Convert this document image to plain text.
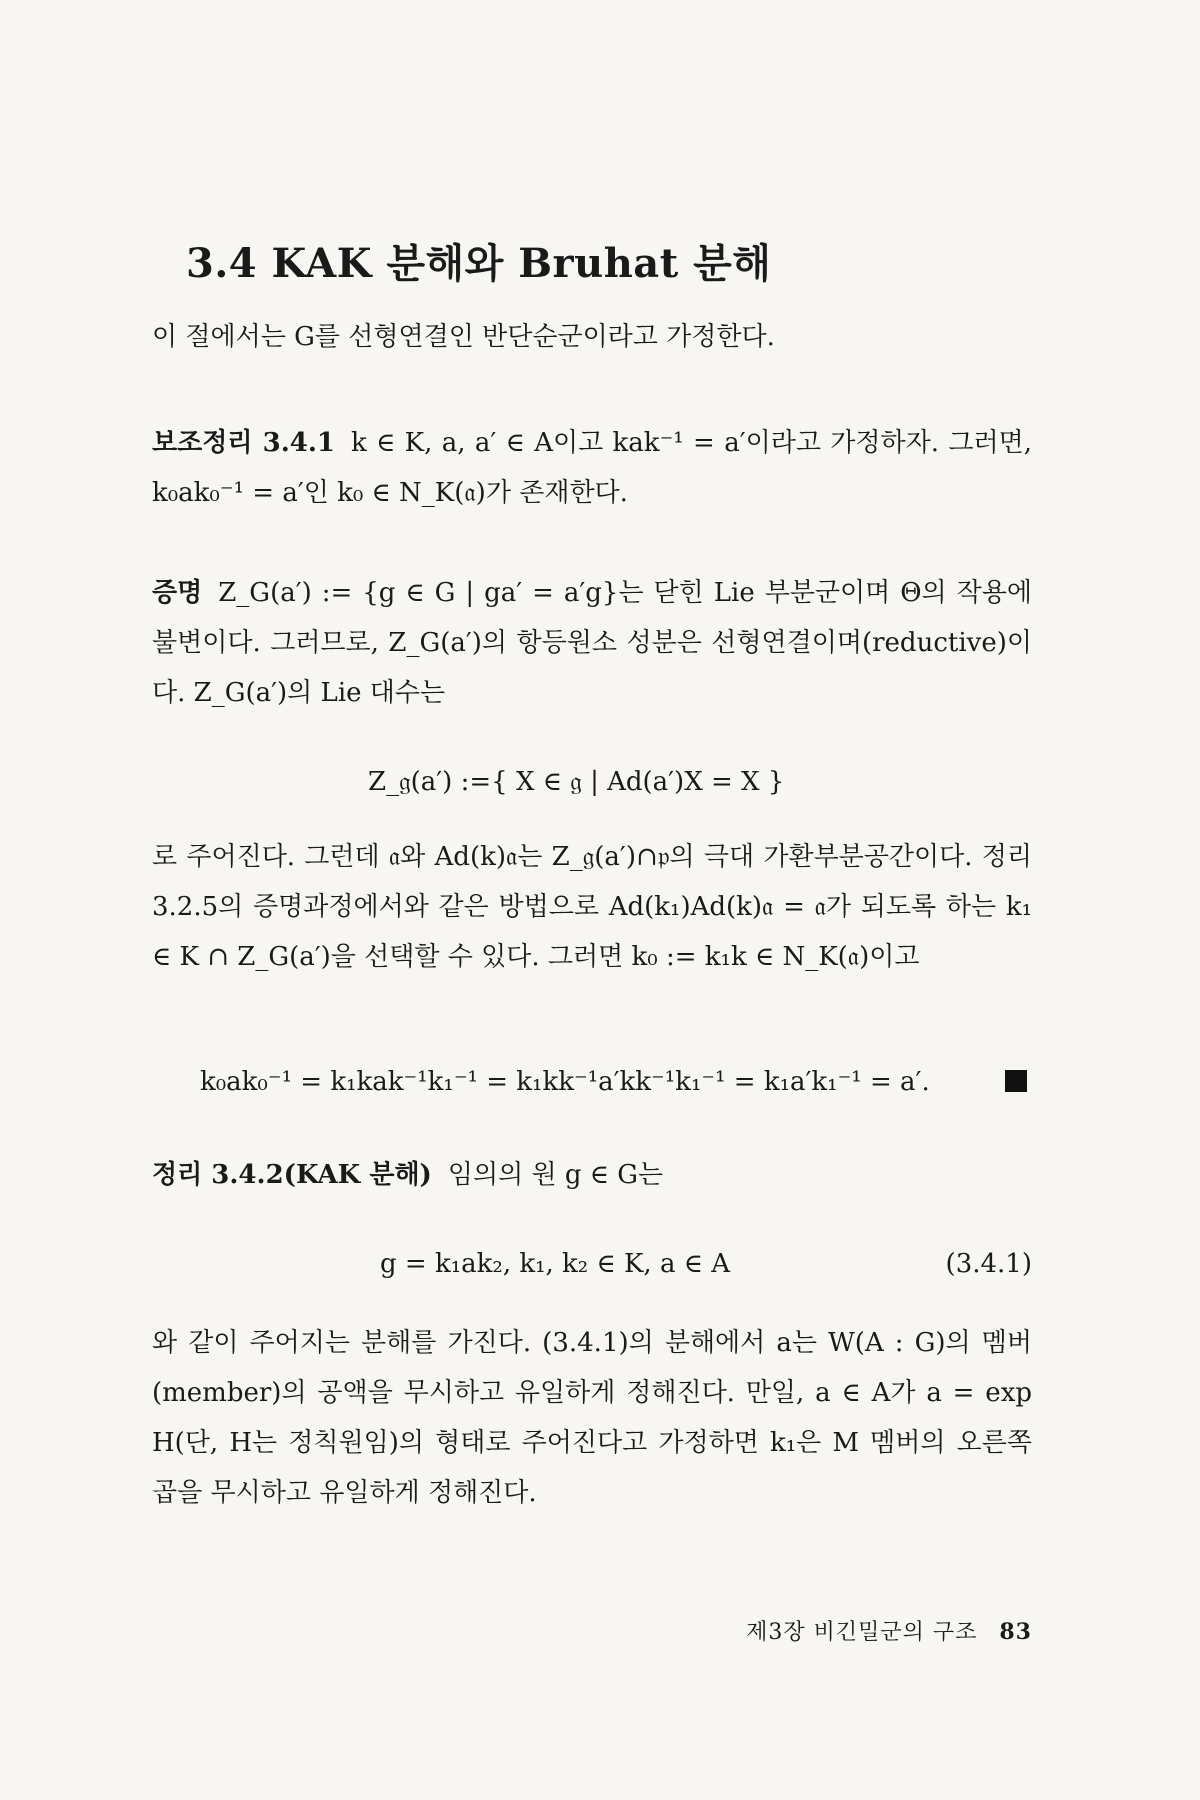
3.4 KAK 분해와 Bruhat 분해

이 절에서는 G를 선형연결인 반단순군이라고 가정한다.

보조정리 3.4.1 k ∈ K, a, a′ ∈ A이고 kak⁻¹ = a′이라고 가정하자. 그러면, k₀ak₀⁻¹ = a′인 k₀ ∈ N_K(𝔞)가 존재한다.

증명 Z_G(a′) := {g ∈ G | ga′ = a′g}는 닫힌 Lie 부분군이며 Θ의 작용에 불변이다. 그러므로, Z_G(a′)의 항등원소 성분은 선형연결이며(reductive)이다. Z_G(a′)의 Lie 대수는

Z_𝔤(a′) :={ X ∈ 𝔤 | Ad(a′)X = X }

로 주어진다. 그런데 𝔞와 Ad(k)𝔞는 Z_𝔤(a′)∩𝔭의 극대 가환부분공간이다. 정리 3.2.5의 증명과정에서와 같은 방법으로 Ad(k₁)Ad(k)𝔞 = 𝔞가 되도록 하는 k₁ ∈ K ∩ Z_G(a′)을 선택할 수 있다. 그러면 k₀ := k₁k ∈ N_K(𝔞)이고

k₀ak₀⁻¹ = k₁kak⁻¹k₁⁻¹ = k₁kk⁻¹a′kk⁻¹k₁⁻¹ = k₁a′k₁⁻¹ = a′.

정리 3.4.2(KAK 분해) 임의의 원 g ∈ G는

g = k₁ak₂, k₁, k₂ ∈ K, a ∈ A	(3.4.1)

와 같이 주어지는 분해를 가진다. (3.4.1)의 분해에서 a는 W(A : G)의 멤버(member)의 공액을 무시하고 유일하게 정해진다. 만일, a ∈ A가 a = exp H(단, H는 정칙원임)의 형태로 주어진다고 가정하면 k₁은 M 멤버의 오른쪽 곱을 무시하고 유일하게 정해진다.

제3장 비긴밀군의 구조 83
